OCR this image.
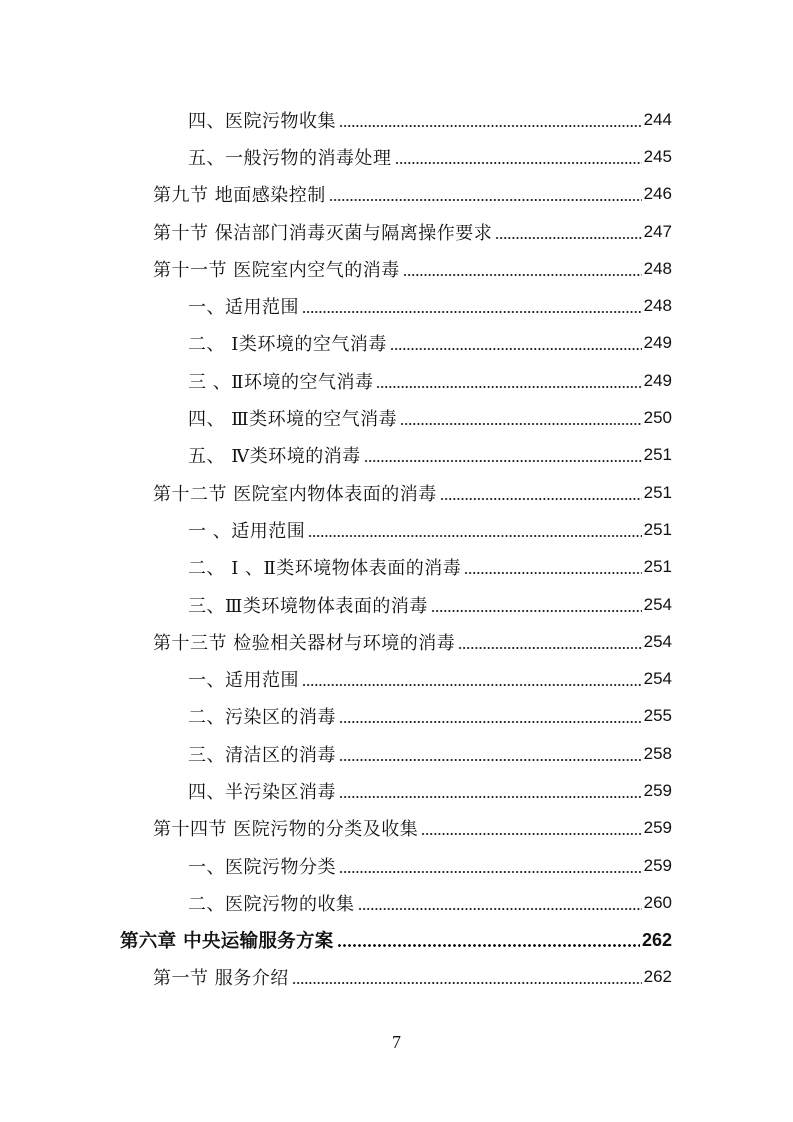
四、医院污物收集	244
五、一般污物的消毒处理	245
第九节 地面感染控制	246
第十节 保洁部门消毒灭菌与隔离操作要求	247
第十一节 医院室内空气的消毒	248
一、适用范围	248
二、 Ⅰ类环境的空气消毒	249
三 、Ⅱ环境的空气消毒	249
四、 Ⅲ类环境的空气消毒	250
五、 Ⅳ类环境的消毒	251
第十二节 医院室内物体表面的消毒	251
一 、适用范围	251
二、 Ⅰ 、Ⅱ类环境物体表面的消毒	251
三、Ⅲ类环境物体表面的消毒	254
第十三节 检验相关器材与环境的消毒	254
一、适用范围	254
二、污染区的消毒	255
三、清洁区的消毒	258
四、半污染区消毒	259
第十四节 医院污物的分类及收集	259
一、医院污物分类	259
二、医院污物的收集	260
第六章 中央运输服务方案	262
第一节 服务介绍	262
7
